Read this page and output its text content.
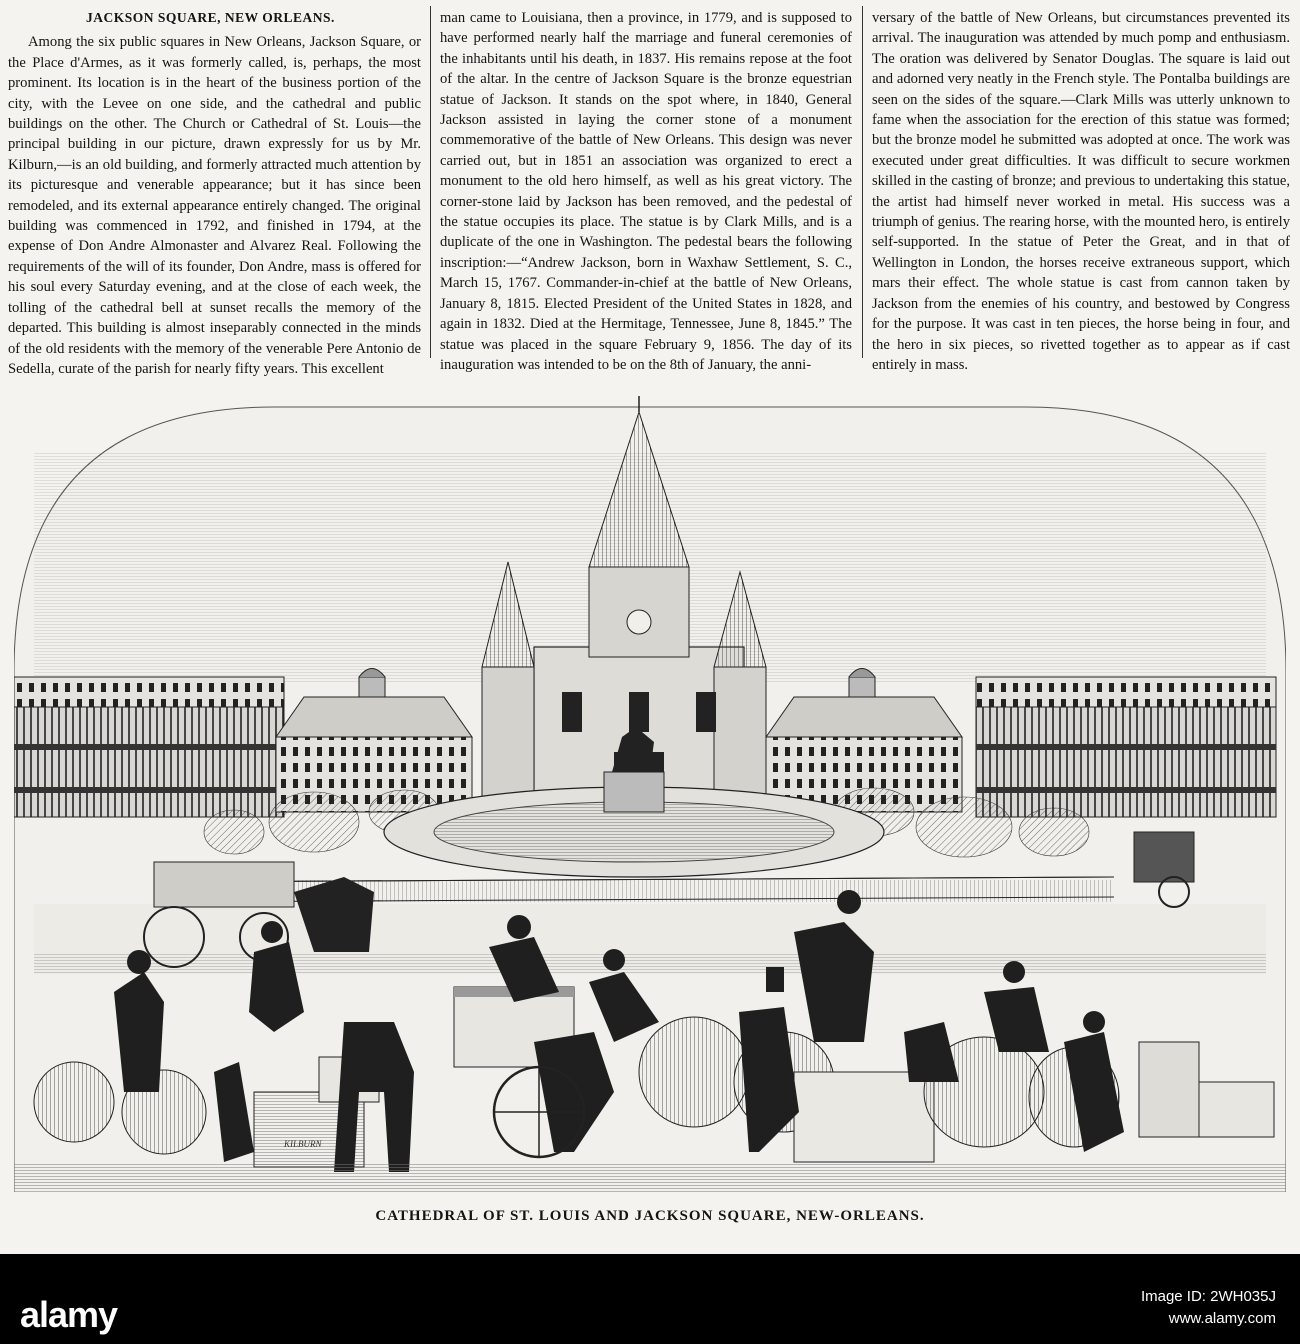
JACKSON SQUARE, NEW ORLEANS.

Among the six public squares in New Orleans, Jackson Square, or the Place d'Armes, as it was formerly called, is, perhaps, the most prominent. Its location is in the heart of the business portion of the city, with the Levee on one side, and the cathedral and public buildings on the other. The Church or Cathedral of St. Louis—the principal building in our picture, drawn expressly for us by Mr. Kilburn,—is an old building, and formerly attracted much attention by its picturesque and venerable appearance; but it has since been remodeled, and its external appearance entirely changed. The original building was commenced in 1792, and finished in 1794, at the expense of Don Andre Almonaster and Alvarez Real. Following the requirements of the will of its founder, Don Andre, mass is offered for his soul every Saturday evening, and at the close of each week, the tolling of the cathedral bell at sunset recalls the memory of the departed. This building is almost inseparably connected in the minds of the old residents with the memory of the venerable Pere Antonio de Sedella, curate of the parish for nearly fifty years. This excellent

man came to Louisiana, then a province, in 1779, and is supposed to have performed nearly half the marriage and funeral ceremonies of the inhabitants until his death, in 1837. His remains repose at the foot of the altar. In the centre of Jackson Square is the bronze equestrian statue of Jackson. It stands on the spot where, in 1840, General Jackson assisted in laying the corner stone of a monument commemorative of the battle of New Orleans. This design was never carried out, but in 1851 an association was organized to erect a monument to the old hero himself, as well as his great victory. The corner-stone laid by Jackson has been removed, and the pedestal of the statue occupies its place. The statue is by Clark Mills, and is a duplicate of the one in Washington. The pedestal bears the following inscription:—“Andrew Jackson, born in Waxhaw Settlement, S. C., March 15, 1767. Commander-in-chief at the battle of New Orleans, January 8, 1815. Elected President of the United States in 1828, and again in 1832. Died at the Hermitage, Tennessee, June 8, 1845.” The statue was placed in the square February 9, 1856. The day of its inauguration was intended to be on the 8th of January, the anni-

versary of the battle of New Orleans, but circumstances prevented its arrival. The inauguration was attended by much pomp and enthusiasm. The oration was delivered by Senator Douglas. The square is laid out and adorned very neatly in the French style. The Pontalba buildings are seen on the sides of the square.—Clark Mills was utterly unknown to fame when the association for the erection of this statue was formed; but the bronze model he submitted was adopted at once. The work was executed under great difficulties. It was difficult to secure workmen skilled in the casting of bronze; and previous to undertaking this statue, the artist had himself never worked in metal. His success was a triumph of genius. The rearing horse, with the mounted hero, is entirely self-supported. In the statue of Peter the Great, and in that of Wellington in London, the horses receive extraneous support, which mars their effect. The whole statue is cast from cannon taken by Jackson from the enemies of his country, and bestowed by Congress for the purpose. It was cast in ten pieces, the horse being in four, and the hero in six pieces, so rivetted together as to appear as if cast entirely in mass.

KILBURN
CATHEDRAL OF ST. LOUIS AND JACKSON SQUARE, NEW-ORLEANS.
alamy	Image ID: 2WH035J
www.alamy.com
